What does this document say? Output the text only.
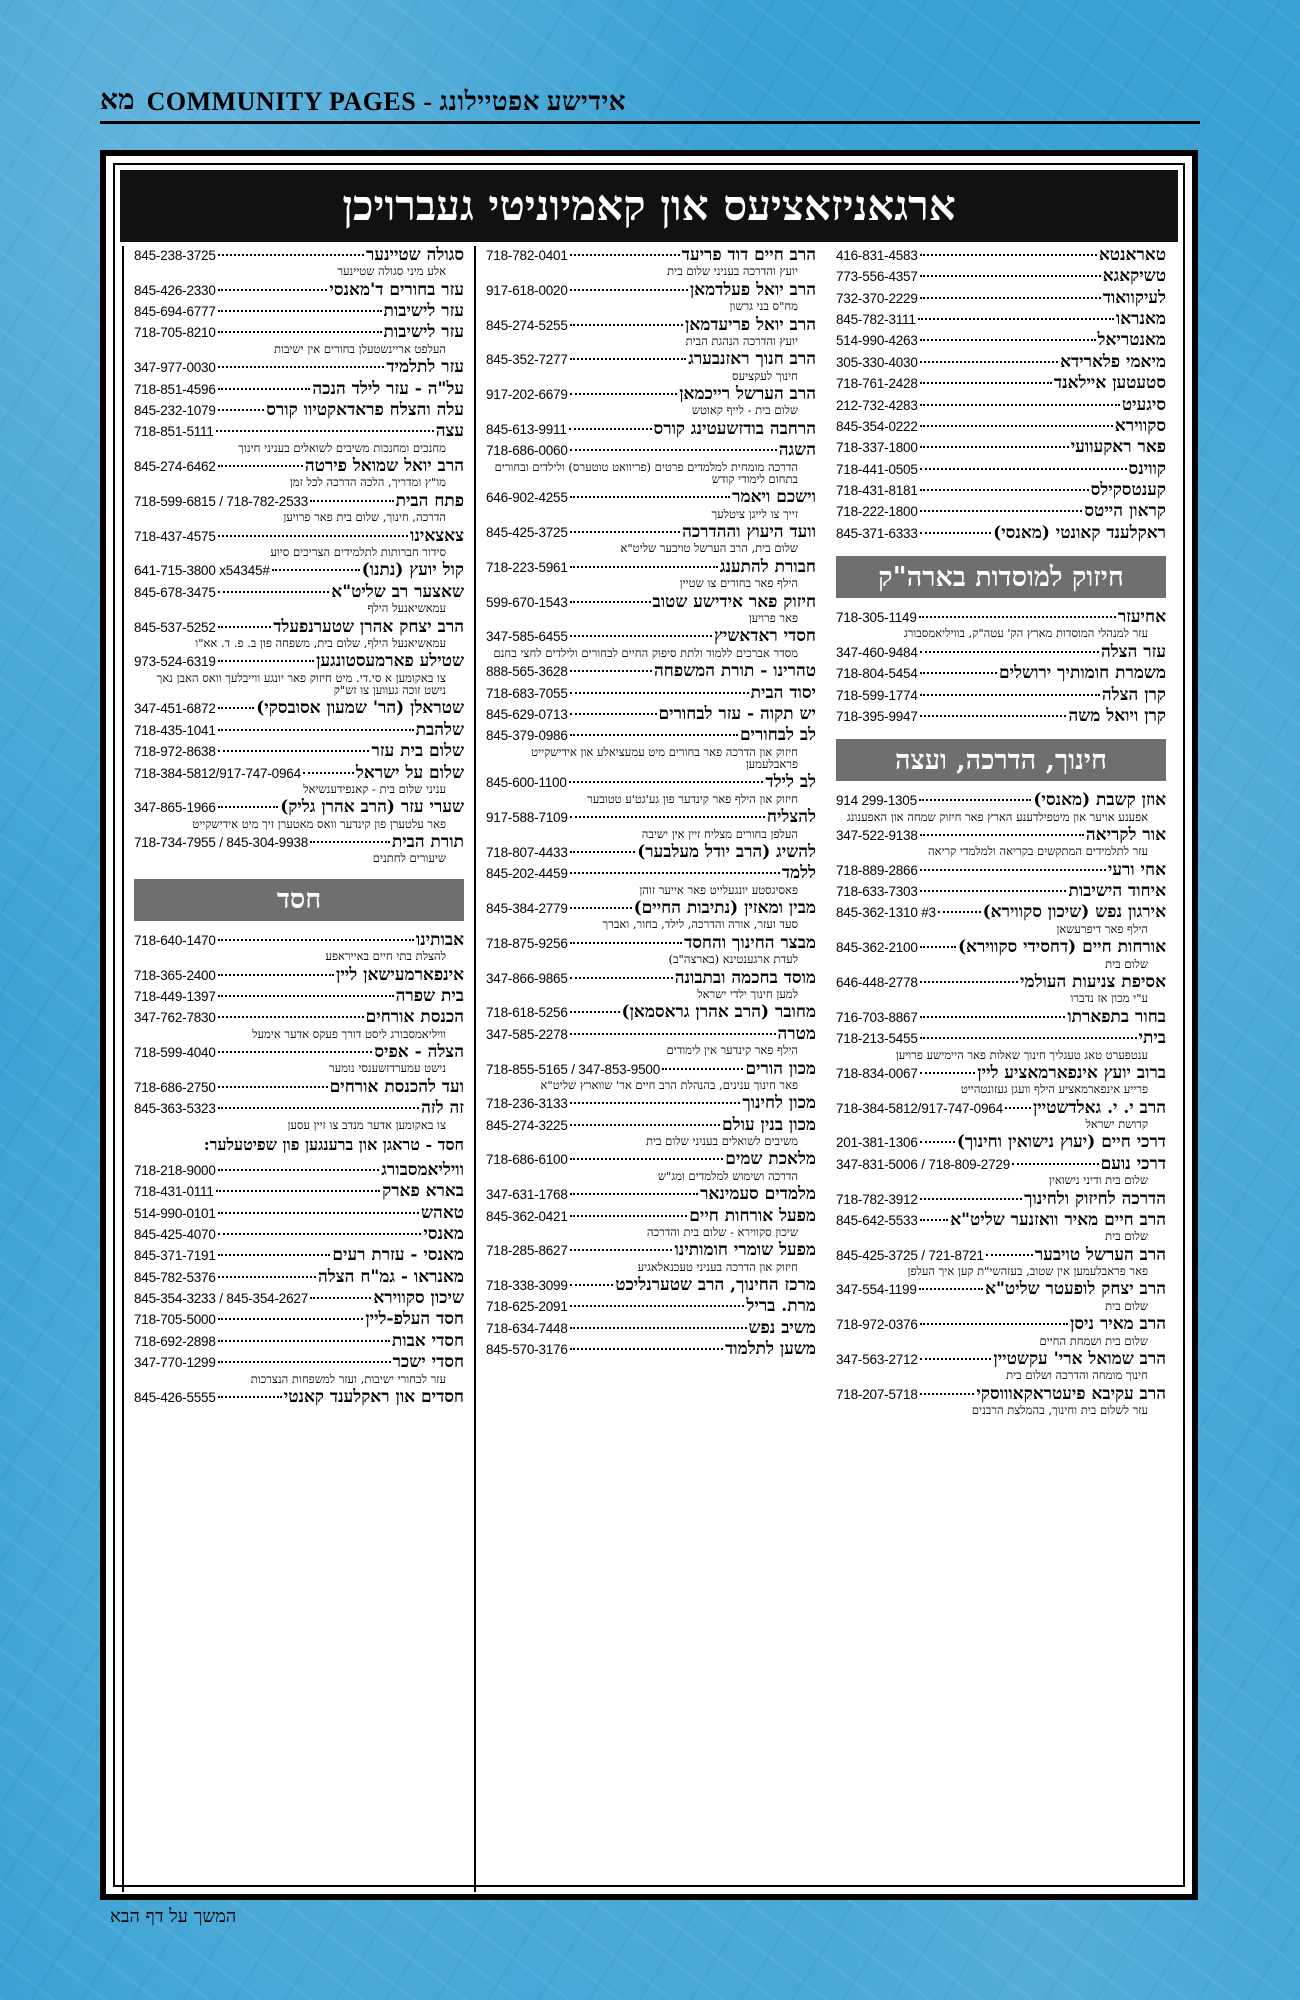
מא אידישע אפטיילונג - COMMUNITY PAGES
ארגאניזאציעס און קאמיוניטי געברויכן
טאראנטא
416-831-4583
טשיקאגא
773-556-4357
לעיקוואוד
732-370-2229
מאנראו
845-782-3111
מאנטריאל
514-990-4263
מיאמי פלארידא
305-330-4030
סטעטען איילאנד
718-761-2428
סיגעיט
212-732-4283
סקווירא
845-354-0222
פאר ראקעוועי
718-337-1800
קווינס
718-441-0505
קענטסקילס
718-431-8181
קראון הייטס
718-222-1800
ראקלענד קאונטי (מאנסי)
845-371-6333
חיזוק למוסדות בארה"ק
אחיעזר
718-305-1149
עזר למנהלי המוסדות מארץ הק' עטה"ק, בוויליאמסבורג
עזר הצלה
347-460-9484
משמרת חומותיך ירושלים
718-804-5454
קרן הצלה
718-599-1774
קרן ויואל משה
718-395-9947
חינוך, הדרכה, ועצה
אוזן קשבת (מאנסי)
914 299-1305
אפענע אויער און מיטפילדענע הארץ פאר חיזוק שמחה און האפענונג
אור לקריאה
347-522-9138
עזר לתלמידים המתקשים בקריאה ולמלמדי קריאה
אחי ורעי
718-889-2866
איחוד הישיבות
718-633-7303
אירגון נפש (שיכון סקווירא)
845-362-1310 #3
הילף פאר דיפרעשאן
אורחות חיים (דחסידי סקווירא)
845-362-2100
שלום בית
אסיפת צניעות העולמי
646-448-2778
ע"י מכון אז נדברו
בחור בתפארתו
716-703-8867
ביתי
718-213-5455
ענטפערט טאג טעגליך חינוך שאלות פאר היימישע פרויען
ברוב יועץ אינפארמאציע ליין
718-834-0067
פרייע אינפארמאציע הילף וועגן געזונטהייט
הרב י. י. גאלדשטיין
718-384-5812/917-747-0964
קדושת ישראל
דרכי חיים (יעוץ נישואין וחינוך)
201-381-1306
דרכי נועם
347-831-5006 / 718-809-2729
שלום בית ודיני נישואין
הדרכה לחיזוק ולחינוך
718-782-3912
הרב חיים מאיר וואזנער שליט"א
845-642-5533
שלום בית
הרב הערשל טויבער
845-425-3725 / 721-8721
פאר פראבלעמען אין שטוב, בעזהשי"ת קען איך העלפן
הרב יצחק לופעטר שליט"א
347-554-1199
שלום בית
הרב מאיר ניסן
718-972-0376
שלום בית ושמחת החיים
הרב שמואל ארי' עקשטיין
347-563-2712
חינוך מומחה והדרכה ושלום בית
הרב עקיבא פיעטראקאוווסקי
718-207-5718
עזר לשלום בית וחינוך, בהמלצת הרבנים
הרב חיים דוד פריעד
718-782-0401
יועץ והדרכה בעניני שלום בית
הרב יואל פעלדמאן
917-618-0020
מח"ס בני גרשון
הרב יואל פריעדמאן
845-274-5255
יועץ והדרכה הנהגת הבית
הרב חנוך ראזנבערג
845-352-7277
חינוך לעקציעס
הרב הערשל רייכמאן
917-202-6679
שלום בית - לייף קאוטש
הרחבה בודזשעטינג קורס
845-613-9911
השגה
718-686-0060
הדרכה מומחית למלמדים פרטים (פריוואט טוטערס) ולילדים ובחורים בתחום לימודי קודש
וישכם ויאמר
646-902-4255
זייך צו לייגן ציטלעך
וועד היעוץ וההדרכה
845-425-3725
שלום בית, הרב הערשל טויבער שליט"א
חבורת להתענג
718-223-5961
הילף פאר בחורים צו שטיין
חיזוק פאר אידישע שטוב
599-670-1543
פאר פרויען
חסדי ראדאשיץ
347-585-6455
מסדר אברכים ללמוד ולתת סיפוק החיים לבחורים ולילדים לחצי בחנם
טהרינו - תורת המשפחה
888-565-3628
יסוד הבית
718-683-7055
יש תקוה - עזר לבחורים
845-629-0713
לב לבחורים
845-379-0986
חיזוק און הדרכה פאר בחורים מיט עמעציאלע און אידישקייט פראבלעמען
לב לילד
845-600-1100
חיזוק און הילף פאר קינדער פון גע'גט'ע טטובער
להצליח
917-588-7109
העלפן בחורים מצליח זיין אין ישיבה
להשיג (הרב יודל מעלבער)
718-807-4433
ללמד
845-202-4459
פאסיגסטע יונגעלייט פאר אייער זוהן
מבין ומאזין (נתיבות החיים)
845-384-2779
סעד ועזר, אורה והדרכה, לילד, בחור, ואברך
מבצר החינוך והחסד
718-875-9256
לעדת ארגענטינא (בארצה"ב)
מוסד בחכמה ובתבונה
347-866-9865
למען חינוך ילדי ישראל
מחובר (הרב אהרן גראסמאן)
718-618-5256
מטרה
347-585-2278
הילף פאר קינדער אין לימודים
מכון הורים
718-855-5165 / 347-853-9500
פאר חינוך ענינים, בהנהלת הרב חיים אר' שווארץ שליט"א
מכון לחינוך
718-236-3133
מכון בנין עולם
845-274-3225
משיבים לשואלים בעניני שלום בית
מלאכת שמים
718-686-6100
הדרכה ושימוש למלמדים ומג"ש
מלמדים סעמינאר
347-631-1768
מפעל אורחות חיים
845-362-0421
שיכון סקווירא - שלום בית והדרכה
מפעל שומרי חומותינו
718-285-8627
חיזוק און הדרכה בעניני טעכנאלאגיע
מרכז החינוך, הרב שטערנליכט
718-338-3099
מרת. בריל
718-625-2091
משיב נפש
718-634-7448
משען לתלמוד
845-570-3176
סגולה שטיינער
845-238-3725
אלע מיני סגולה שטיינער
עזר בחורים ד'מאנסי
845-426-2330
עזר לישיבות
845-694-6777
עזר לישיבות
718-705-8210
העלפט אריינשטעלן בחורים אין ישיבות
עזר לתלמיד
347-977-0030
על"ה - עזר לילד הנכה
718-851-4596
עלה והצלח פראדאקטיוו קורס
845-232-1079
עצה
718-851-5111
מחנכים ומחנכות משיבים לשואלים בעניני חינוך
הרב יואל שמואל פירטה
845-274-6462
מו"ץ ומדריך, הלכה הדרכה לכל זמן
פתח הבית
718-599-6815 / 718-782-2533
הדרכה, חינוך, שלום בית פאר פרויען
צאצאינו
718-437-4575
סידור חברותות לתלמידים הצריכים סיוע
קול יועץ (נתנו)
641-715-3800 x54345#
שאצער רב שליט"א
845-678-3475
עמאשיאנעל הילף
הרב יצחק אהרן שטערנפעלד
845-537-5252
עמאשיאנעל הילף, שלום בית, משפחה פון ב. פ. ד. אא"ו
שטילע פארמעסטונגען
973-524-6319
צו באקומען א סי.די. מיט חיזוק פאר יונגע ווייבלעך וואס האבן נאך נישט זוכה געווען צו זש"ק
שטראלן (הר' שמעון אסובסקי)
347-451-6872
שלהבת
718-435-1041
שלום בית עזר
718-972-8638
שלום על ישראל
718-384-5812/917-747-0964
עניני שלום בית - קאנפידענשיאל
שערי עזר (הרב אהרן גליק)
347-865-1966
פאר עלטערן פון קינדער וואס מאטערן זיך מיט אידישקייט
תורת הבית
718-734-7955 / 845-304-9938
שיעורים לחתנים
חסד
אבותינו
718-640-1470
להצלת בתי חיים באייראפע
אינפארמעישאן ליין
718-365-2400
בית שפרה
718-449-1397
הכנסת אורחים
347-762-7830
וויליאמסבורג ליסט דורך פעקס אדער אימעל
הצלה - אפיס
718-599-4040
נישט עמערדזשענסי נומער
ועד להכנסת אורחים
718-686-2750
זה לזה
845-363-5323
צו באקומען אדער מנדב צו זיין עסען
חסד - טראגן און ברענגען פון שפיטעלער:
וויליאמסבורג
718-218-9000
בארא פארק
718-431-0111
טאהש
514-990-0101
מאנסי
845-425-4070
מאנסי - עזרת רעים
845-371-7191
מאנראו - גמ"ח הצלה
845-782-5376
שיכון סקווירא
845-354-3233 / 845-354-2627
חסד העלפ-ליין
718-705-5000
חסדי אבות
718-692-2898
חסדי ישכר
347-770-1299
עזר לבחורי ישיבות, ועזר למשפחות הנצרכות
חסדים און ראקלענד קאנטי
845-426-5555
המשך על דף הבא
